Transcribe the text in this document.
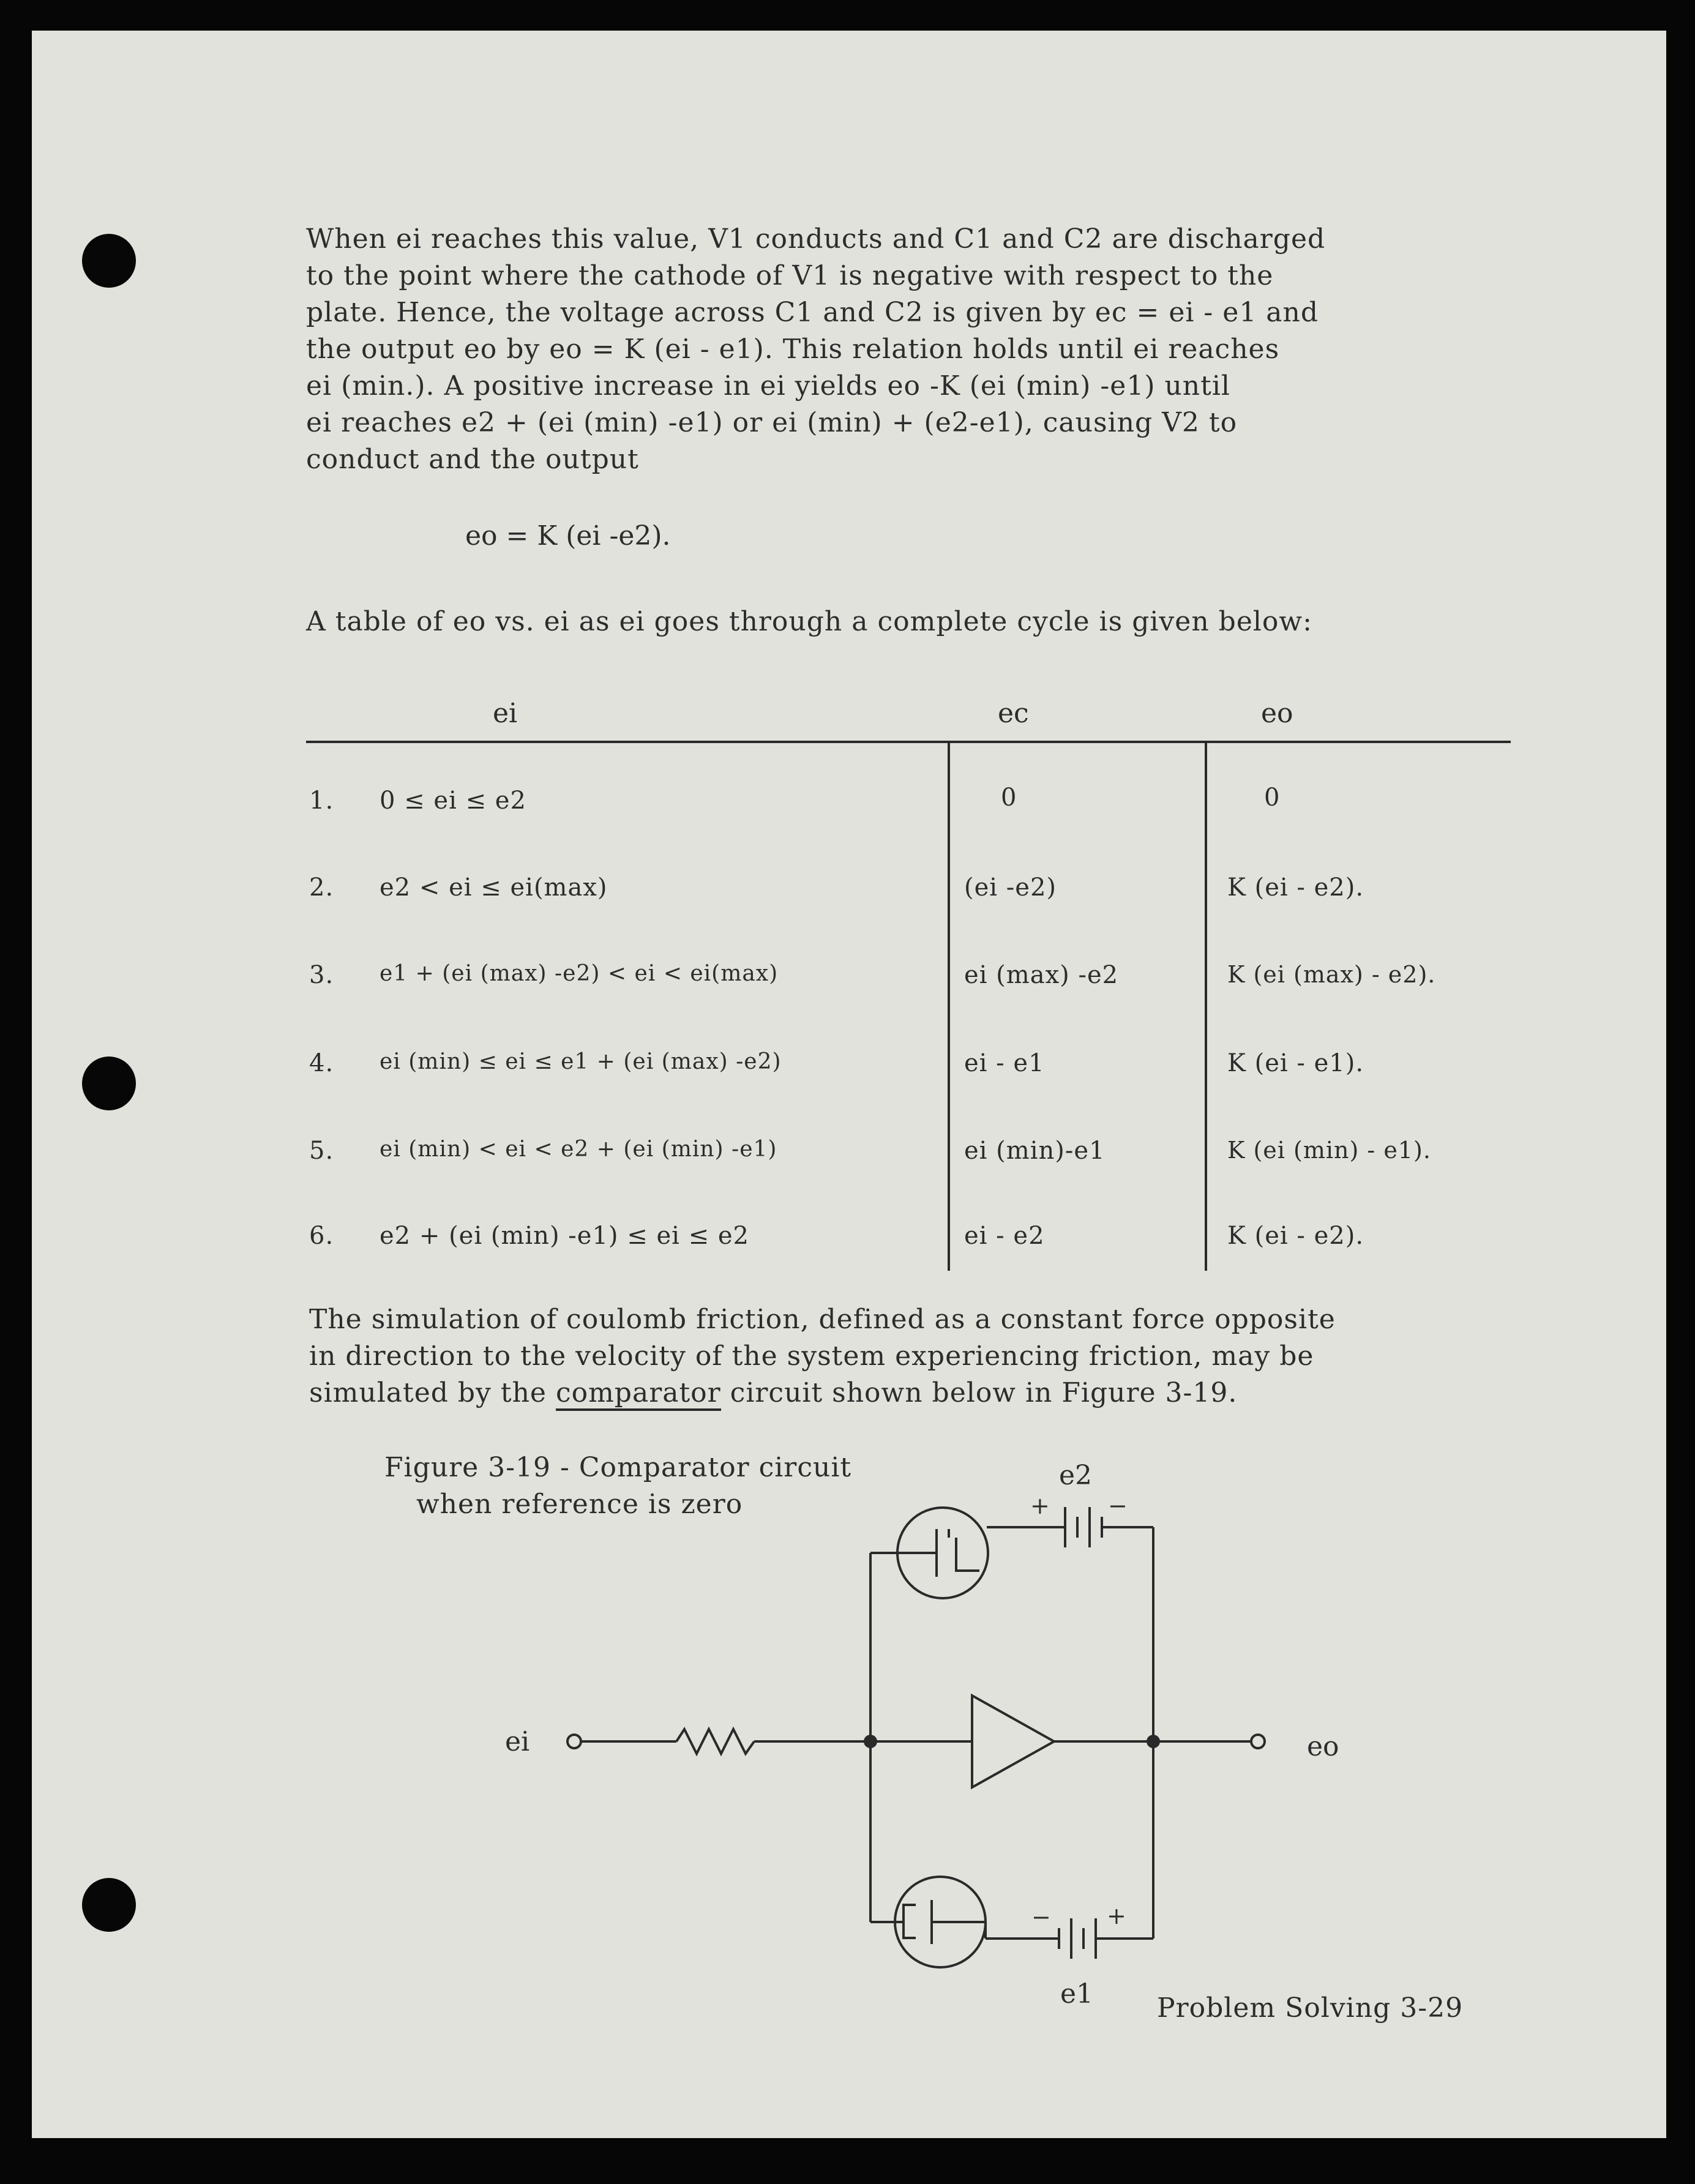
When ei reaches this value, V1 conducts and C1 and C2 are discharged
to the point where the cathode of V1 is negative with respect to the
plate. Hence, the voltage across C1 and C2 is given by ec = ei - e1 and
the output eo by eo = K (ei - e1). This relation holds until ei reaches
ei (min.). A positive increase in ei yields eo -K (ei (min) -e1) until
ei reaches e2 + (ei (min) -e1) or ei (min) + (e2-e1), causing V2 to
conduct and the output
eo = K (ei -e2).
A table of eo vs. ei as ei goes through a complete cycle is given below:
ei	ec	eo
1. 0 ≤ ei ≤ e2	0	0
2. e2 < ei ≤ ei(max)	(ei -e2)	K (ei - e2).
3. e1 + (ei (max) -e2) < ei < ei(max)	ei (max) -e2	K (ei (max) - e2).
4. ei (min) ≤ ei ≤ e1 + (ei (max) -e2)	ei - e1	K (ei - e1).
5. ei (min) < ei < e2 + (ei (min) -e1)	ei (min)-e1	K (ei (min) - e1).
6. e2 + (ei (min) -e1) ≤ ei ≤ e2	ei - e2	K (ei - e2).
The simulation of coulomb friction, defined as a constant force opposite
in direction to the velocity of the system experiencing friction, may be
simulated by the comparator circuit shown below in Figure 3-19.
Figure 3-19 - Comparator circuit
when reference is zero
ei	eo
e2
e1
+	−
− +
Problem Solving 3-29
